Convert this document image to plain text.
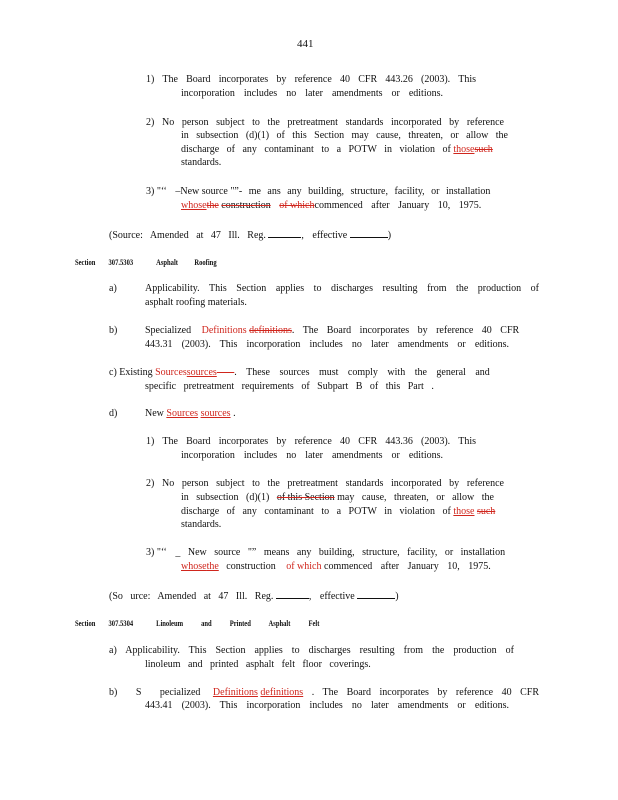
441
1) The Board incorporates by reference 40 CFR 443.26 (2003). This
incorporation includes no later amendments or editions.
2) No person subject to the pretreatment standards incorporated by reference
in subsection (d)(1) of this Section may cause, threaten, or allow the
discharge of any contaminant to a POTW in violation of thosesuch
standards.
3) "‘‘ –New source "”- me ans any building, structure, facility, or installation
whosethe construction of whichcommenced after January 10, 1975.
(Source: Amended at 47 Ill. Reg.	, effective	)
Section 307.5303	Asphalt Roofing
a)	Applicability. This Section applies to discharges resulting from the production of
asphalt roofing materials.
b)	Specialized Definitions definitions. The Board incorporates by reference 40 CFR
443.31 (2003). This incorporation includes no later amendments or editions.
c) Existing Sourcessources . These sources must comply with the general and
specific pretreatment requirements of Subpart B of this Part .
d)	New Sources sources .
1) The Board incorporates by reference 40 CFR 443.36 (2003). This
incorporation includes no later amendments or editions.
2) No person subject to the pretreatment standards incorporated by reference
in subsection (d)(1) of this Section may cause, threaten, or allow the
discharge of any contaminant to a POTW in violation of those such
standards.
3) "‘‘ _ New source "” means any building, structure, facility, or installation
whosethe construction of which commenced after January 10, 1975.
(So urce: Amended at 47 Ill. Reg.	, effective	)
Section 307.5304	Linoleum and Printed Asphalt Felt
a) Applicability. This Section applies to discharges resulting from the production of
linoleum and printed asphalt felt floor coverings.
b) S pecialized Definitions definitions . The Board incorporates by reference 40 CFR
443.41 (2003). This incorporation includes no later amendments or editions.
